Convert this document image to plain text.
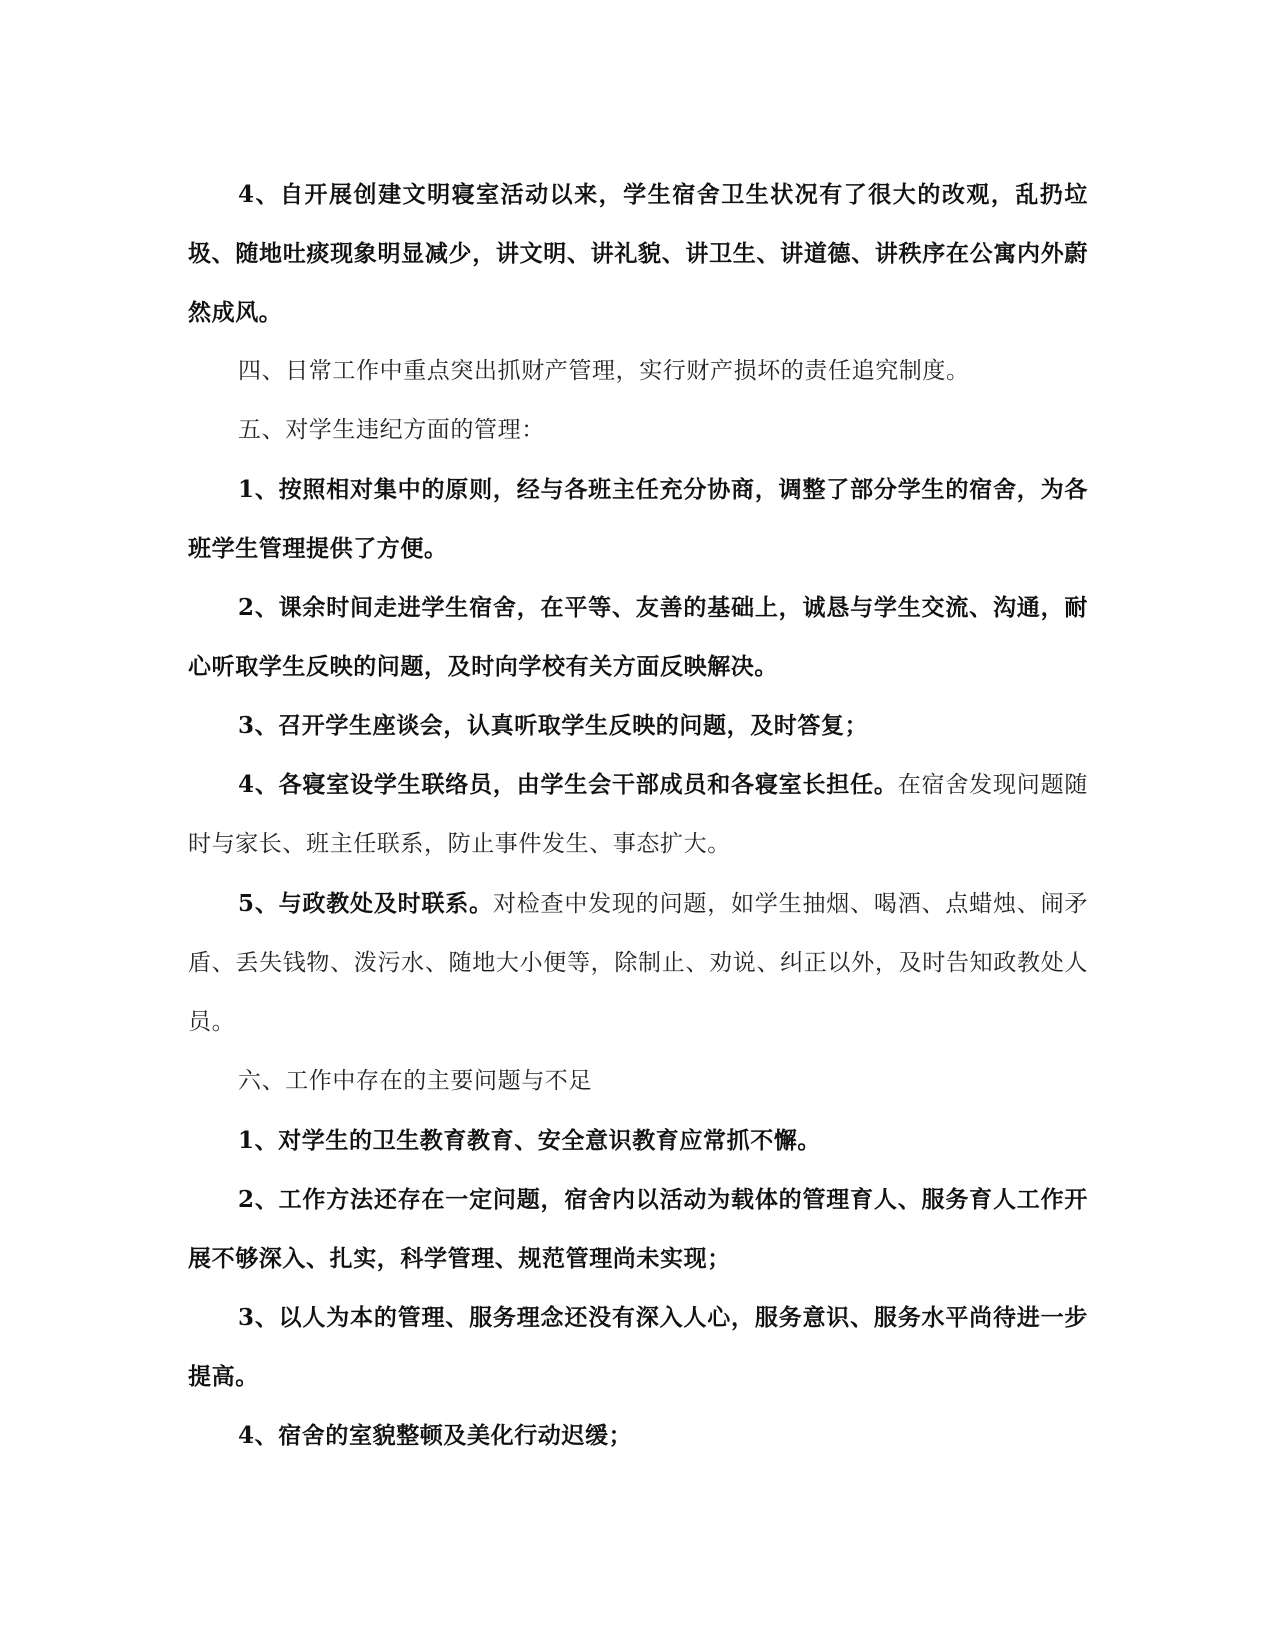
4、自开展创建文明寝室活动以来，学生宿舍卫生状况有了很大的改观，乱扔垃圾、随地吐痰现象明显减少，讲文明、讲礼貌、讲卫生、讲道德、讲秩序在公寓内外蔚然成风。

四、日常工作中重点突出抓财产管理，实行财产损坏的责任追究制度。

五、对学生违纪方面的管理：

1、按照相对集中的原则，经与各班主任充分协商，调整了部分学生的宿舍，为各班学生管理提供了方便。

2、课余时间走进学生宿舍，在平等、友善的基础上，诚恳与学生交流、沟通，耐心听取学生反映的问题，及时向学校有关方面反映解决。

3、召开学生座谈会，认真听取学生反映的问题，及时答复；

4、各寝室设学生联络员，由学生会干部成员和各寝室长担任。在宿舍发现问题随时与家长、班主任联系，防止事件发生、事态扩大。

5、与政教处及时联系。对检查中发现的问题，如学生抽烟、喝酒、点蜡烛、闹矛盾、丢失钱物、泼污水、随地大小便等，除制止、劝说、纠正以外，及时告知政教处人员。

六、工作中存在的主要问题与不足

1、对学生的卫生教育教育、安全意识教育应常抓不懈。

2、工作方法还存在一定问题，宿舍内以活动为载体的管理育人、服务育人工作开展不够深入、扎实，科学管理、规范管理尚未实现；

3、以人为本的管理、服务理念还没有深入人心，服务意识、服务水平尚待进一步提高。

4、宿舍的室貌整顿及美化行动迟缓；
